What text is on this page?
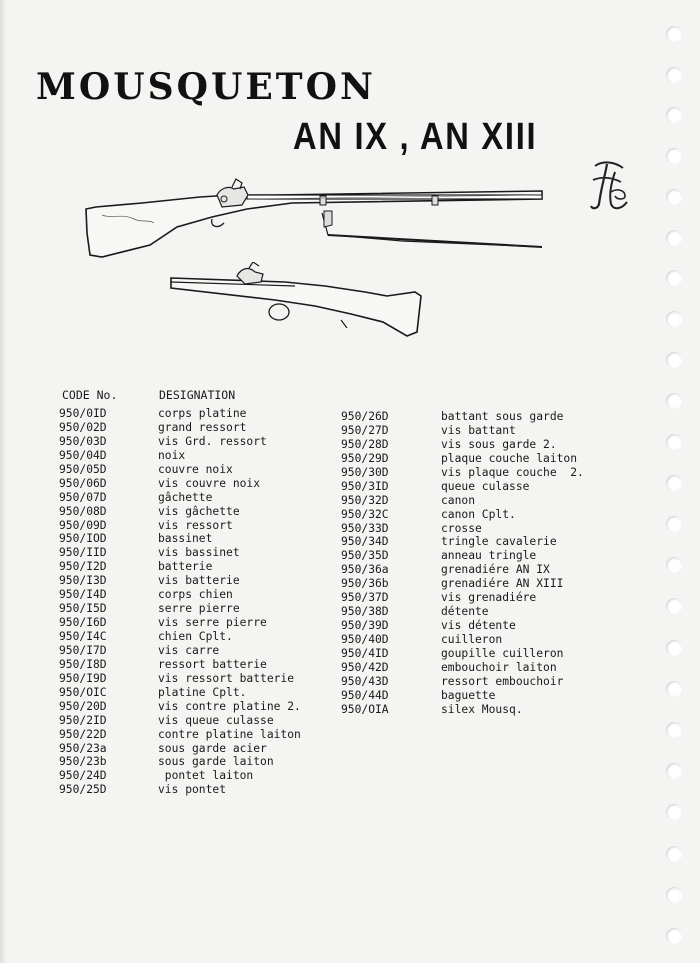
MOUSQUETON
AN IX , AN XIII
CODE No.	DESIGNATION
950/0ID
950/02D
950/03D
950/04D
950/05D
950/06D
950/07D
950/08D
950/09D
950/IOD
950/IID
950/I2D
950/I3D
950/I4D
950/I5D
950/I6D
950/I4C
950/I7D
950/I8D
950/I9D
950/OIC
950/20D
950/2ID
950/22D
950/23a
950/23b
950/24D
950/25D
corps platine
grand ressort
vis Grd. ressort
noix
couvre noix
vis couvre noix
gâchette
vis gâchette
vis ressort
bassinet
vis bassinet
batterie
vis batterie
corps chien
serre pierre
vis serre pierre
chien Cplt.
vis carre
ressort batterie
vis ressort batterie
platine Cplt.
vis contre platine 2.
vis queue culasse
contre platine laiton
sous garde acier
sous garde laiton
pontet laiton
vis pontet
950/26D
950/27D
950/28D
950/29D
950/30D
950/3ID
950/32D
950/32C
950/33D
950/34D
950/35D
950/36a
950/36b
950/37D
950/38D
950/39D
950/40D
950/4ID
950/42D
950/43D
950/44D
950/OIA
battant sous garde
vis battant
vis sous garde 2.
plaque couche laiton
vis plaque couche  2.
queue culasse
canon
canon Cplt.
crosse
tringle cavalerie
anneau tringle
grenadiére AN IX
grenadiére AN XIII
vis grenadiére
détente
vis détente
cuilleron
goupille cuilleron
embouchoir laiton
ressort embouchoir
baguette
silex Mousq.
